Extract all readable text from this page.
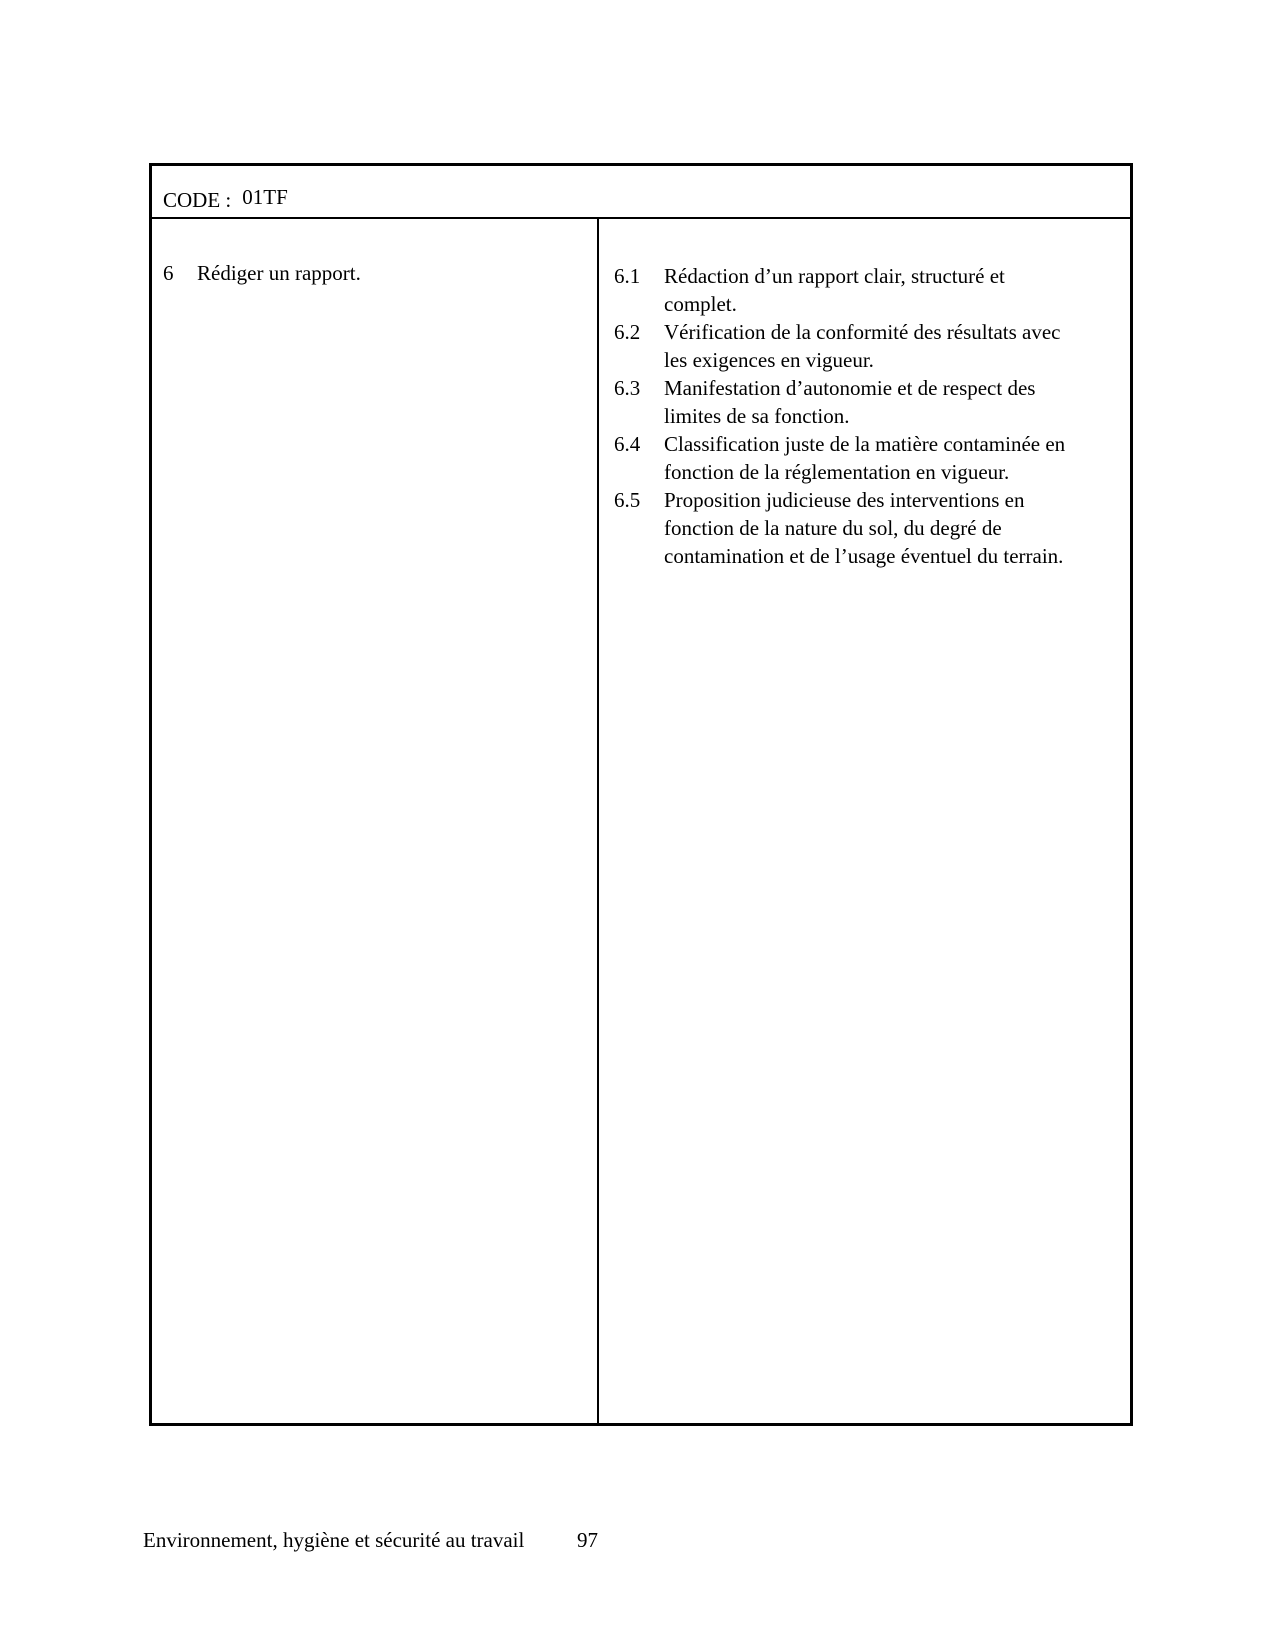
CODE : 01TF
6 Rédiger un rapport.	6.1	Rédaction d’un rapport clair, structuré et
complet.
6.2	Vérification de la conformité des résultats avec
les exigences en vigueur.
6.3	Manifestation d’autonomie et de respect des
limites de sa fonction.
6.4	Classification juste de la matière contaminée en
fonction de la réglementation en vigueur.
6.5	Proposition judicieuse des interventions en
fonction de la nature du sol, du degré de
contamination et de l’usage éventuel du terrain.
Environnement, hygiène et sécurité au travail	97
